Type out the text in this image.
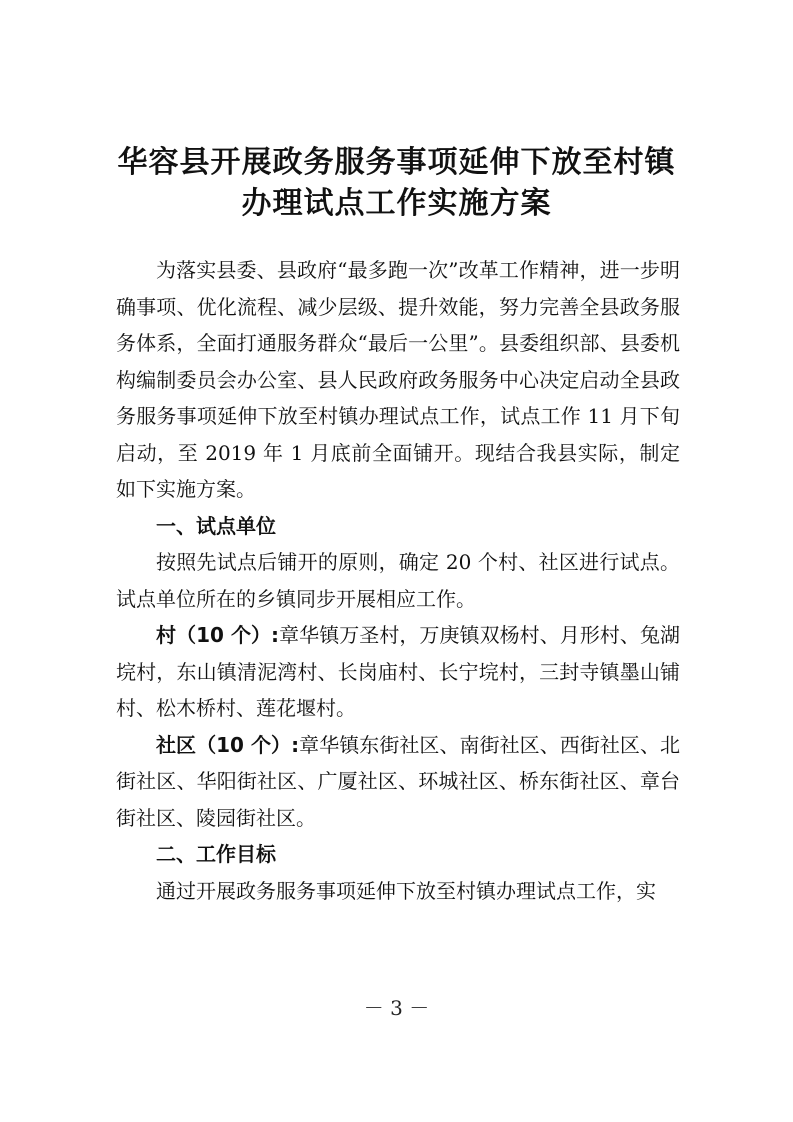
华容县开展政务服务事项延伸下放至村镇
办理试点工作实施方案

为落实县委、县政府“最多跑一次”改革工作精神，进一步明确事项、优化流程、减少层级、提升效能，努力完善全县政务服务体系，全面打通服务群众“最后一公里”。县委组织部、县委机构编制委员会办公室、县人民政府政务服务中心决定启动全县政务服务事项延伸下放至村镇办理试点工作，试点工作 11 月下旬启动，至 2019 年 1 月底前全面铺开。现结合我县实际，制定如下实施方案。

一、试点单位

按照先试点后铺开的原则，确定 20 个村、社区进行试点。试点单位所在的乡镇同步开展相应工作。

村（10 个）:章华镇万圣村，万庚镇双杨村、月形村、兔湖垸村，东山镇清泥湾村、长岗庙村、长宁垸村，三封寺镇墨山铺村、松木桥村、莲花堰村。

社区（10 个）:章华镇东街社区、南街社区、西街社区、北街社区、华阳街社区、广厦社区、环城社区、桥东街社区、章台街社区、陵园街社区。

二、工作目标

通过开展政务服务事项延伸下放至村镇办理试点工作，实

－ 3 －
